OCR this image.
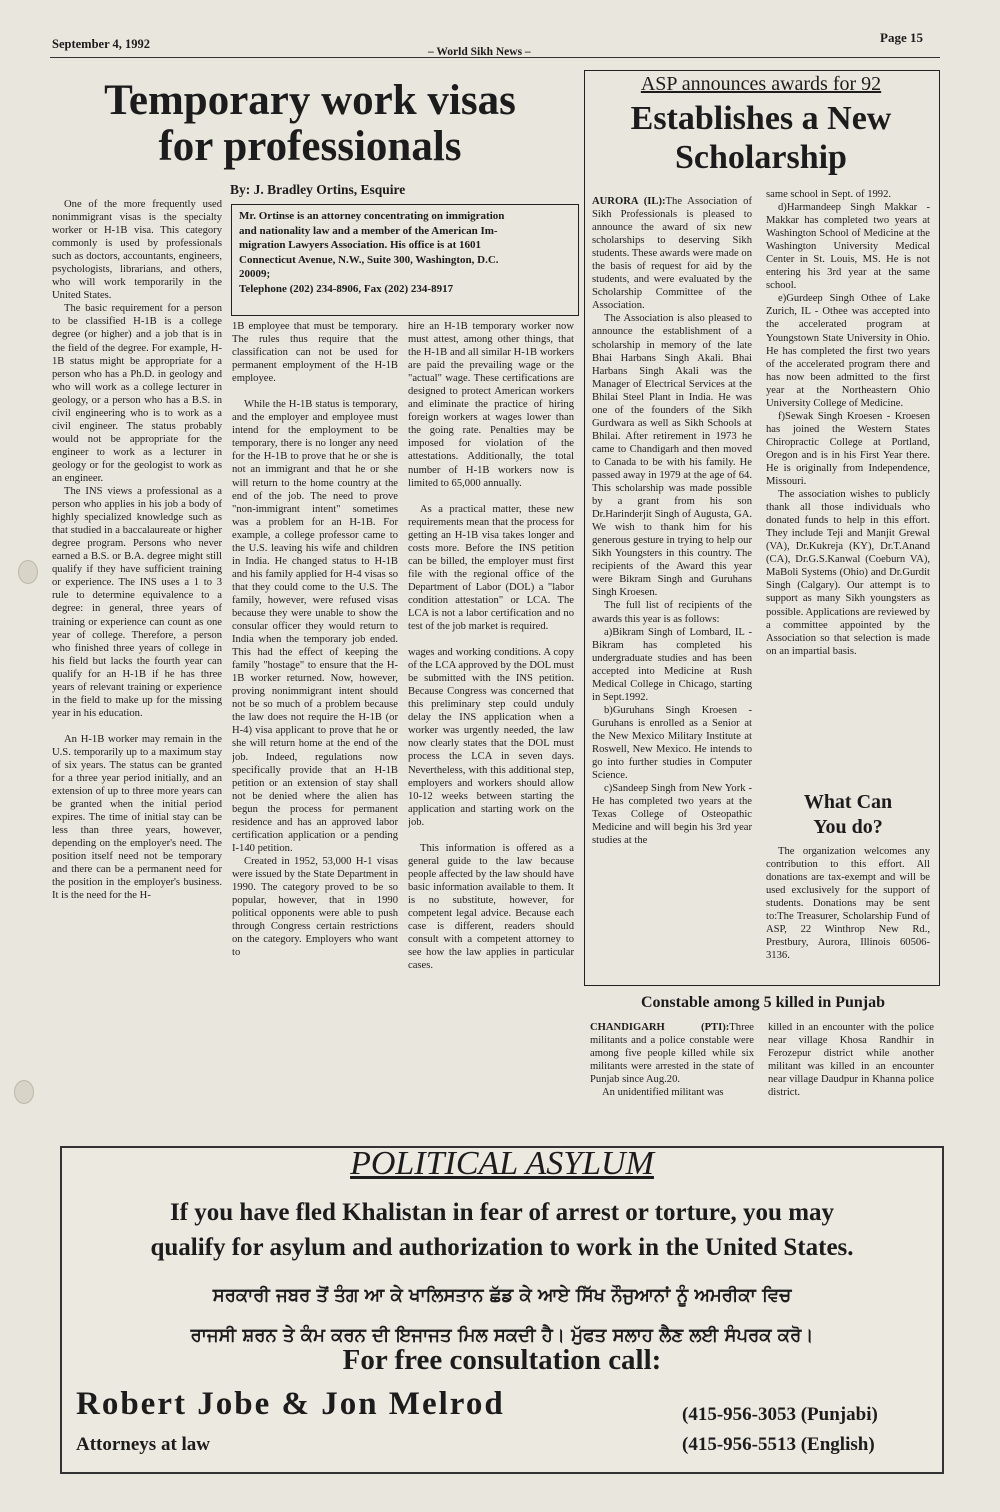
September 4, 1992
– World Sikh News –
Page 15
Temporary work visas
for professionals
By: J. Bradley Ortins, Esquire
Mr. Ortinse is an attorney concentrating on immigration
and nationality law and a member of the American Im-
migration Lawyers Association. His office is at 1601
Connecticut Avenue, N.W., Suite 300, Washington, D.C.
20009;
Telephone (202) 234-8906, Fax (202) 234-8917

One of the more frequently used nonimmigrant visas is the specialty worker or H-1B visa. This category commonly is used by professionals such as doctors, accountants, engineers, psychologists, librarians, and others, who will work temporarily in the United States.

The basic requirement for a person to be classified H-1B is a college degree (or higher) and a job that is in the field of the degree. For example, H-1B status might be appropriate for a person who has a Ph.D. in geology and who will work as a college lecturer in geology, or a person who has a B.S. in civil engineering who is to work as a civil engineer. The status probably would not be appropriate for the engineer to work as a lecturer in geology or for the geologist to work as an engineer.

The INS views a professional as a person who applies in his job a body of highly specialized knowledge such as that studied in a baccalaureate or higher degree program. Persons who never earned a B.S. or B.A. degree might still qualify if they have sufficient training or experience. The INS uses a 1 to 3 rule to determine equivalence to a degree: in general, three years of training or experience can count as one year of college. Therefore, a person who finished three years of college in his field but lacks the fourth year can qualify for an H-1B if he has three years of relevant training or experience in the field to make up for the missing year in his education.

An H-1B worker may remain in the U.S. temporarily up to a maximum stay of six years. The status can be granted for a three year period initially, and an extension of up to three more years can be granted when the initial period expires. The time of initial stay can be less than three years, however, depending on the employer's need. The position itself need not be temporary and there can be a permanent need for the position in the employer's business. It is the need for the H-

1B employee that must be temporary. The rules thus require that the classification can not be used for permanent employment of the H-1B employee.

While the H-1B status is temporary, and the employer and employee must intend for the employment to be temporary, there is no longer any need for the H-1B to prove that he or she is not an immigrant and that he or she will return to the home country at the end of the job. The need to prove "non-immigrant intent" sometimes was a problem for an H-1B. For example, a college professor came to the U.S. leaving his wife and children in India. He changed status to H-1B and his family applied for H-4 visas so that they could come to the U.S. The family, however, were refused visas because they were unable to show the consular officer they would return to India when the temporary job ended. This had the effect of keeping the family "hostage" to ensure that the H-1B worker returned. Now, however, proving nonimmigrant intent should not be so much of a problem because the law does not require the H-1B (or H-4) visa applicant to prove that he or she will return home at the end of the job. Indeed, regulations now specifically provide that an H-1B petition or an extension of stay shall not be denied where the alien has begun the process for permanent residence and has an approved labor certification application or a pending I-140 petition.

Created in 1952, 53,000 H-1 visas were issued by the State Department in 1990. The category proved to be so popular, however, that in 1990 political opponents were able to push through Congress certain restrictions on the category. Employers who want to

hire an H-1B temporary worker now must attest, among other things, that the H-1B and all similar H-1B workers are paid the prevailing wage or the "actual" wage. These certifications are designed to protect American workers and eliminate the practice of hiring foreign workers at wages lower than the going rate. Penalties may be imposed for violation of the attestations. Additionally, the total number of H-1B workers now is limited to 65,000 annually.

As a practical matter, these new requirements mean that the process for getting an H-1B visa takes longer and costs more. Before the INS petition can be billed, the employer must first file with the regional office of the Department of Labor (DOL) a "labor condition attestation" or LCA. The LCA is not a labor certification and no test of the job market is required.

wages and working conditions. A copy of the LCA approved by the DOL must be submitted with the INS petition. Because Congress was concerned that this preliminary step could unduly delay the INS application when a worker was urgently needed, the law now clearly states that the DOL must process the LCA in seven days. Nevertheless, with this additional step, employers and workers should allow 10-12 weeks between starting the application and starting work on the job.

This information is offered as a general guide to the law because people affected by the law should have basic information available to them. It is no substitute, however, for competent legal advice. Because each case is different, readers should consult with a competent attorney to see how the law applies in particular cases.

ASP announces awards for 92
Establishes a New
Scholarship

AURORA (IL):The Association of Sikh Professionals is pleased to announce the award of six new scholarships to deserving Sikh students. These awards were made on the basis of request for aid by the students, and were evaluated by the Scholarship Committee of the Association.

The Association is also pleased to announce the establishment of a scholarship in memory of the late Bhai Harbans Singh Akali. Bhai Harbans Singh Akali was the Manager of Electrical Services at the Bhilai Steel Plant in India. He was one of the founders of the Sikh Gurdwara as well as Sikh Schools at Bhilai. After retirement in 1973 he came to Chandigarh and then moved to Canada to be with his family. He passed away in 1979 at the age of 64. This scholarship was made possible by a grant from his son Dr.Harinderjit Singh of Augusta, GA. We wish to thank him for his generous gesture in trying to help our Sikh Youngsters in this country. The recipients of the Award this year were Bikram Singh and Guruhans Singh Kroesen.

The full list of recipients of the awards this year is as follows:

a)Bikram Singh of Lombard, IL - Bikram has completed his undergraduate studies and has been accepted into Medicine at Rush Medical College in Chicago, starting in Sept.1992.

b)Guruhans Singh Kroesen - Guruhans is enrolled as a Senior at the New Mexico Military Institute at Roswell, New Mexico. He intends to go into further studies in Computer Science.

c)Sandeep Singh from New York - He has completed two years at the Texas College of Osteopathic Medicine and will begin his 3rd year studies at the

same school in Sept. of 1992.

d)Harmandeep Singh Makkar - Makkar has completed two years at Washington School of Medicine at the Washington University Medical Center in St. Louis, MS. He is not entering his 3rd year at the same school.

e)Gurdeep Singh Othee of Lake Zurich, IL - Othee was accepted into the accelerated program at Youngstown State University in Ohio. He has completed the first two years of the accelerated program there and has now been admitted to the first year at the Northeastern Ohio University College of Medicine.

f)Sewak Singh Kroesen - Kroesen has joined the Western States Chiropractic College at Portland, Oregon and is in his First Year there. He is originally from Independence, Missouri.

The association wishes to publicly thank all those individuals who donated funds to help in this effort. They include Teji and Manjit Grewal (VA), Dr.Kukreja (KY), Dr.T.Anand (CA), Dr.G.S.Kanwal (Coeburn VA), MaBoli Systems (Ohio) and Dr.Gurdit Singh (Calgary). Our attempt is to support as many Sikh youngsters as possible. Applications are reviewed by a committee appointed by the Association so that selection is made on an impartial basis.

What Can
You do?

The organization welcomes any contribution to this effort. All donations are tax-exempt and will be used exclusively for the support of students. Donations may be sent to:The Treasurer, Scholarship Fund of ASP, 22 Winthrop New Rd., Prestbury, Aurora, Illinois 60506-3136.

Constable among 5 killed in Punjab

CHANDIGARH (PTI):Three militants and a police constable were among five people killed while six militants were arrested in the state of Punjab since Aug.20.

An unidentified militant was

killed in an encounter with the police near village Khosa Randhir in Ferozepur district while another militant was killed in an encounter near village Daudpur in Khanna police district.

POLITICAL ASYLUM
If you have fled Khalistan in fear of arrest or torture, you may
qualify for asylum and authorization to work in the United States.
ਸਰਕਾਰੀ ਜਬਰ ਤੋਂ ਤੰਗ ਆ ਕੇ ਖਾਲਿਸਤਾਨ ਛੱਡ ਕੇ ਆਏ ਸਿੱਖ ਨੌਜੁਆਨਾਂ ਨੂੰ ਅਮਰੀਕਾ ਵਿਚ
ਰਾਜਸੀ ਸ਼ਰਨ ਤੇ ਕੰਮ ਕਰਨ ਦੀ ਇਜਾਜਤ ਮਿਲ ਸਕਦੀ ਹੈ। ਮੁੱਫਤ ਸਲਾਹ ਲੈਣ ਲਈ ਸੰਪਰਕ ਕਰੋ।
For free consultation call:
Robert Jobe & Jon Melrod
Attorneys at law
(415-956-3053 (Punjabi)
(415-956-5513 (English)
